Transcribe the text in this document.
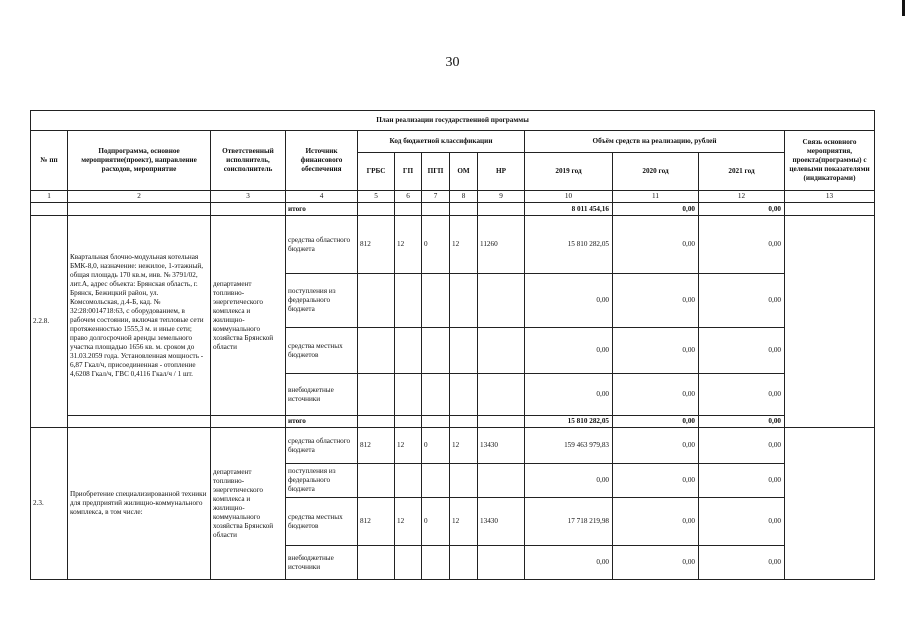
30
План реализации государственной программы												
№ пп	Подпрограмма, основное мероприятие(проект), направление расходов, мероприятие	Ответственный исполнитель, соисполнитель	Источник финансового обеспечения	Код бюджетной классификации					Объём средств на реализацию, рублей			Связь основного мероприятия, проекта(программы) с целевыми показателями (индикаторами)
				ГРБС	ГП	ПГП	ОМ	НР	2019 год	2020 год	2021 год	
1	2	3	4	5	6	7	8	9	10	11	12	13
			итого						8 011 454,16	0,00	0,00	
2.2.8.	Квартальная блочно-модульная котельная БМК-8,0, назначение: нежилое, 1-этажный, общая площадь 170 кв.м, инв. № 3791/02, лит.А, адрес объекта: Брянская область, г. Брянск, Бежицкий район, ул. Комсомольская, д.4-Б, кад. № 32:28:0014718:63, с оборудованием, в рабочем состоянии, включая тепловые сети протяженностью 1555,3 м. и иные сети; право долгосрочной аренды земельного участка площадью 1656 кв. м. сроком до 31.03.2059 года. Установленная мощность - 6,87 Гкал/ч, присоединенная - отопление 4,6208 Гкал/ч, ГВС 0,4116 Гкал/ч / 1 шт.	департамент топливно-энергетического комплекса и жилищно-коммунального хозяйства Брянской области	средства областного бюджета	812	12	0	12	11260	15 810 282,05	0,00	0,00	
			поступления из федерального бюджета						0,00	0,00	0,00	
			средства местных бюджетов						0,00	0,00	0,00	
			внебюджетные источники						0,00	0,00	0,00	
			итого						15 810 282,05	0,00	0,00	
2.3.	Приобретение специализированной техники для предприятий жилищно-коммунального комплекса, в том числе:	департамент топливно-энергетического комплекса и жилищно-коммунального хозяйства Брянской области	средства областного бюджета	812	12	0	12	13430	159 463 979,83	0,00	0,00	
			поступления из федерального бюджета						0,00	0,00	0,00	
			средства местных бюджетов	812	12	0	12	13430	17 718 219,98	0,00	0,00	
			внебюджетные источники						0,00	0,00	0,00	
